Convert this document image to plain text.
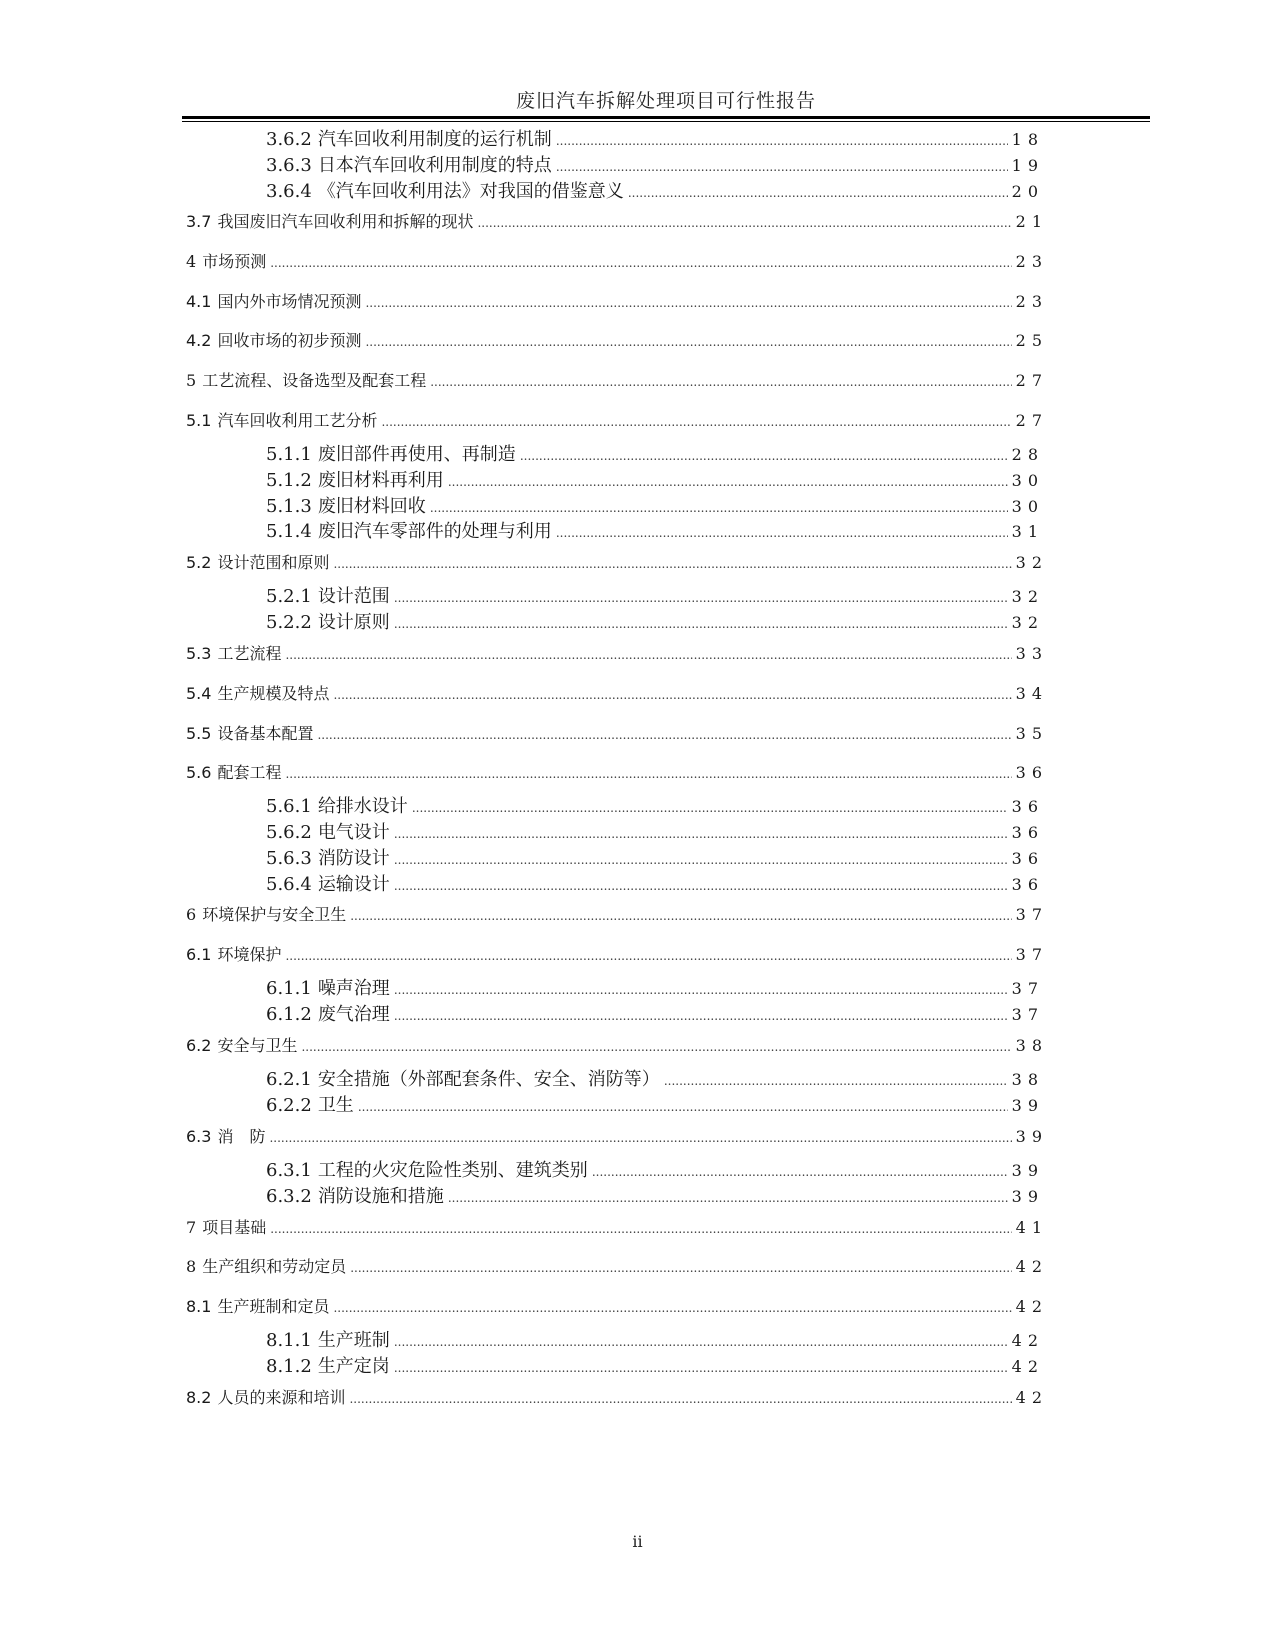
废旧汽车拆解处理项目可行性报告
3.6.2 汽车回收利用制度的运行机制 .....	18
3.6.3 日本汽车回收利用制度的特点 .....	19
3.6.4 《汽车回收利用法》对我国的借鉴意义 .....	20
3.7 我国废旧汽车回收利用和拆解的现状 .....	21
4 市场预测 .....	23
4.1 国内外市场情况预测 .....	23
4.2 回收市场的初步预测 .....	25
5 工艺流程、设备选型及配套工程 .....	27
5.1 汽车回收利用工艺分析 .....	27
5.1.1 废旧部件再使用、再制造 .....	28
5.1.2 废旧材料再利用 .....	30
5.1.3 废旧材料回收 .....	30
5.1.4 废旧汽车零部件的处理与利用 .....	31
5.2 设计范围和原则 .....	32
5.2.1 设计范围 .....	32
5.2.2 设计原则 .....	32
5.3 工艺流程 .....	33
5.4 生产规模及特点 .....	34
5.5 设备基本配置 .....	35
5.6 配套工程 .....	36
5.6.1 给排水设计 .....	36
5.6.2 电气设计 .....	36
5.6.3 消防设计 .....	36
5.6.4 运输设计 .....	36
6 环境保护与安全卫生 .....	37
6.1 环境保护 .....	37
6.1.1 噪声治理 .....	37
6.1.2 废气治理 .....	37
6.2 安全与卫生 .....	38
6.2.1 安全措施（外部配套条件、安全、消防等） .....	38
6.2.2 卫生 .....	39
6.3 消　防 .....	39
6.3.1 工程的火灾危险性类别、建筑类别 .....	39
6.3.2 消防设施和措施 .....	39
7 项目基础 .....	41
8 生产组织和劳动定员 .....	42
8.1 生产班制和定员 .....	42
8.1.1 生产班制 .....	42
8.1.2 生产定岗 .....	42
8.2 人员的来源和培训 .....	42
ii
